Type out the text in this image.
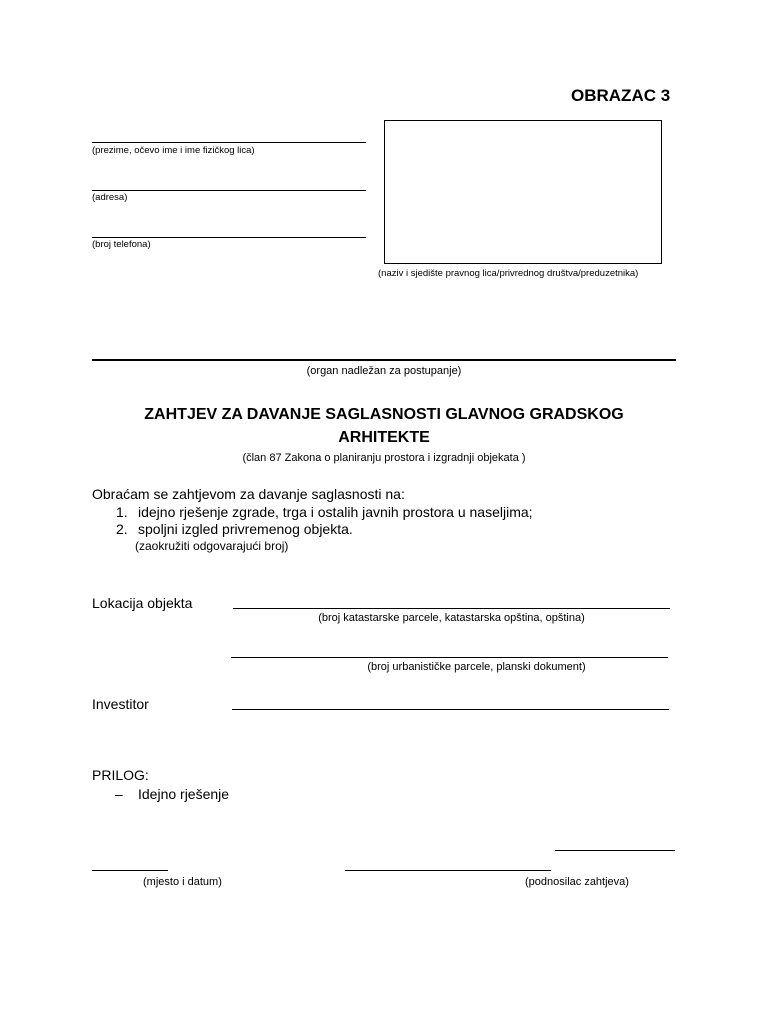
OBRAZAC 3
(prezime, očevo ime i ime fizičkog lica)
(adresa)
(broj telefona)
(naziv i sjedište pravnog lica/privrednog društva/preduzetnika)
(organ nadležan za postupanje)
ZAHTJEV ZA DAVANJE SAGLASNOSTI GLAVNOG GRADSKOG
ARHITEKTE
(član 87 Zakona o planiranju prostora i izgradnji objekata )
Obraćam se zahtjevom za davanje saglasnosti na:
1. idejno rješenje zgrade, trga i ostalih javnih prostora u naseljima;
2. spoljni izgled privremenog objekta.
(zaokružiti odgovarajući broj)
Lokacija objekta
(broj katastarske parcele, katastarska opština, opština)
(broj urbanističke parcele, planski dokument)
Investitor
PRILOG:
– Idejno rješenje
(mjesto i datum)	(podnosilac zahtjeva)
